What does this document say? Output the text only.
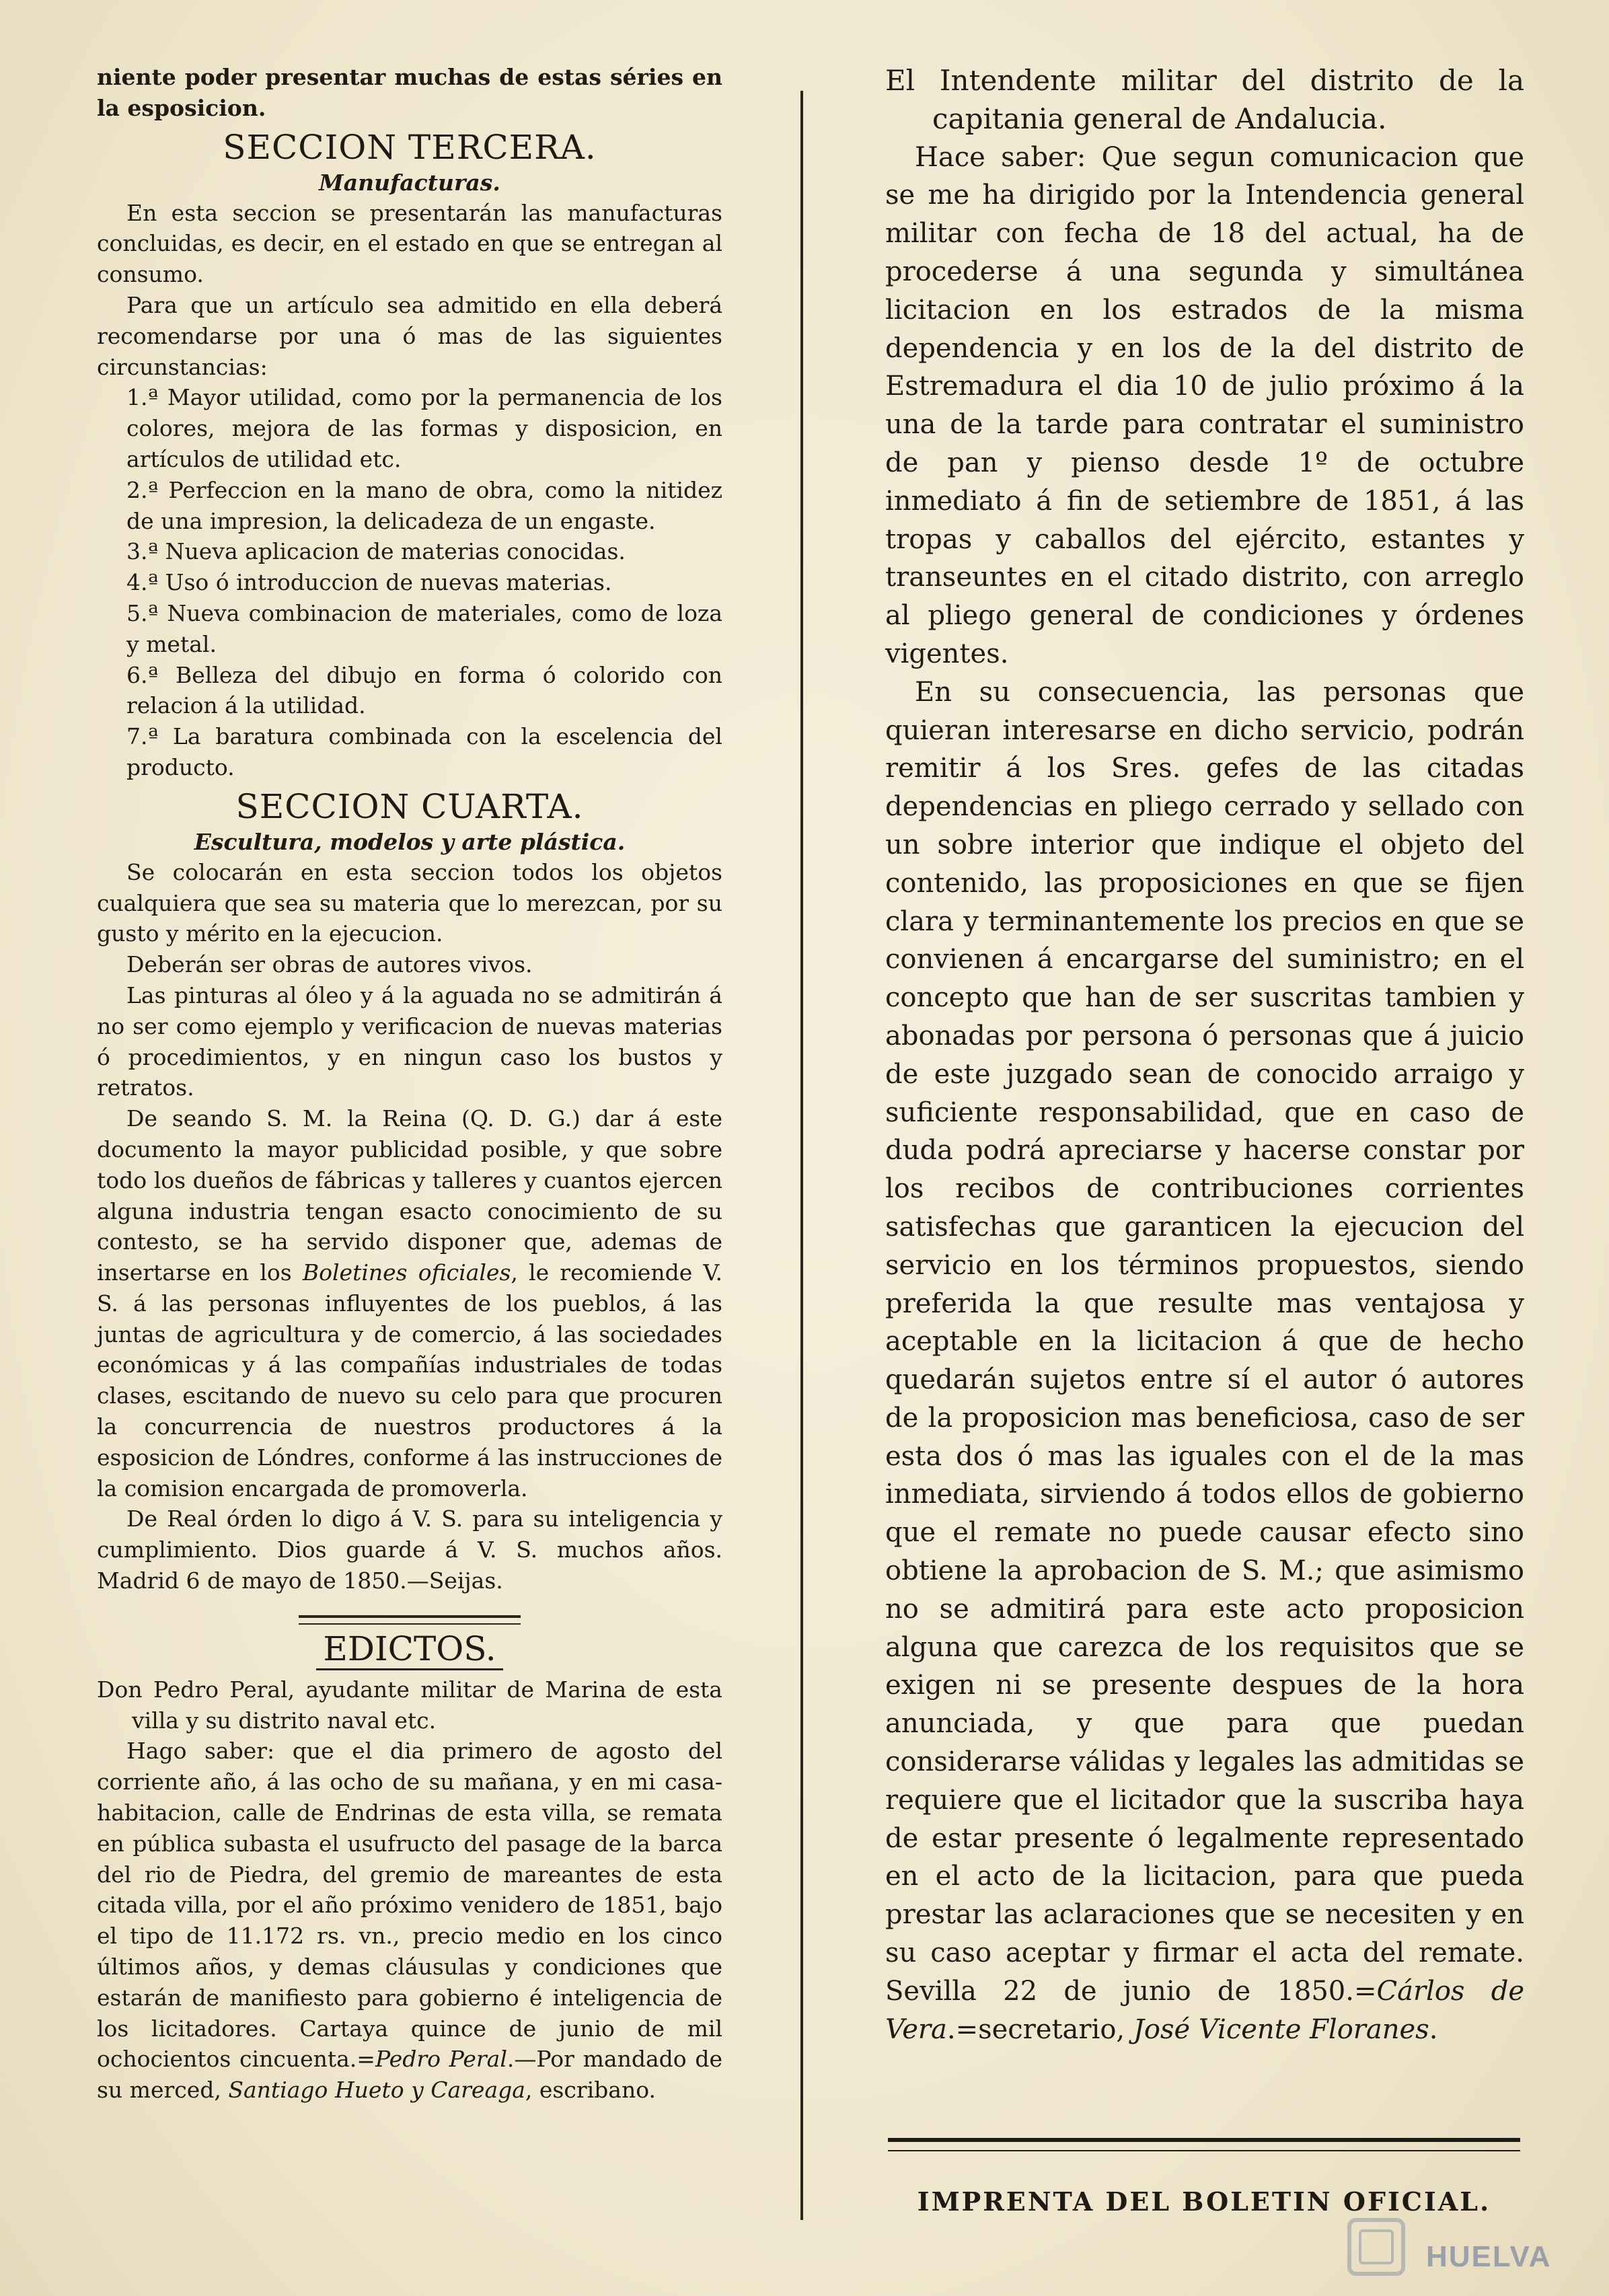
niente poder presentar muchas de estas séries en la esposicion.

SECCION TERCERA.
Manufacturas.

En esta seccion se presentarán las manufacturas concluidas, es decir, en el estado en que se entregan al consumo.

Para que un artículo sea admitido en ella deberá recomendarse por una ó mas de las siguientes circunstancias:

1.ª Mayor utilidad, como por la permanencia de los colores, mejora de las formas y disposicion, en artículos de utilidad etc.

2.ª Perfeccion en la mano de obra, como la nitidez de una impresion, la delicadeza de un engaste.

3.ª Nueva aplicacion de materias conocidas.

4.ª Uso ó introduccion de nuevas materias.

5.ª Nueva combinacion de materiales, como de loza y metal.

6.ª Belleza del dibujo en forma ó colorido con relacion á la utilidad.

7.ª La baratura combinada con la escelencia del producto.

SECCION CUARTA.
Escultura, modelos y arte plástica.

Se colocarán en esta seccion todos los objetos cualquiera que sea su materia que lo merezcan, por su gusto y mérito en la ejecucion.

Deberán ser obras de autores vivos.

Las pinturas al óleo y á la aguada no se admitirán á no ser como ejemplo y verificacion de nuevas materias ó procedimientos, y en ningun caso los bustos y retratos.

De seando S. M. la Reina (Q. D. G.) dar á este documento la mayor publicidad posible, y que sobre todo los dueños de fábricas y talleres y cuantos ejercen alguna industria tengan esacto conocimiento de su contesto, se ha servido disponer que, ademas de insertarse en los Boletines oficiales, le recomiende V. S. á las personas influyentes de los pueblos, á las juntas de agricultura y de comercio, á las sociedades económicas y á las compañías industriales de todas clases, escitando de nuevo su celo para que procuren la concurrencia de nuestros productores á la esposicion de Lóndres, conforme á las instrucciones de la comision encargada de promoverla.

De Real órden lo digo á V. S. para su inteligencia y cumplimiento. Dios guarde á V. S. muchos años. Madrid 6 de mayo de 1850.—Seijas.

EDICTOS.

Don Pedro Peral, ayudante militar de Marina de esta villa y su distrito naval etc.

Hago saber: que el dia primero de agosto del corriente año, á las ocho de su mañana, y en mi casa-habitacion, calle de Endrinas de esta villa, se remata en pública subasta el usufructo del pasage de la barca del rio de Piedra, del gremio de mareantes de esta citada villa, por el año próximo venidero de 1851, bajo el tipo de 11.172 rs. vn., precio medio en los cinco últimos años, y demas cláusulas y condiciones que estarán de manifiesto para gobierno é inteligencia de los licitadores. Cartaya quince de junio de mil ochocientos cincuenta.=Pedro Peral.—Por mandado de su merced, Santiago Hueto y Careaga, escribano.

El Intendente militar del distrito de la capitania general de Andalucia.

Hace saber: Que segun comunicacion que se me ha dirigido por la Intendencia general militar con fecha de 18 del actual, ha de procederse á una segunda y simultánea licitacion en los estrados de la misma dependencia y en los de la del distrito de Estremadura el dia 10 de julio próximo á la una de la tarde para contratar el suministro de pan y pienso desde 1º de octubre inmediato á fin de setiembre de 1851, á las tropas y caballos del ejército, estantes y transeuntes en el citado distrito, con arreglo al pliego general de condiciones y órdenes vigentes.

En su consecuencia, las personas que quieran interesarse en dicho servicio, podrán remitir á los Sres. gefes de las citadas dependencias en pliego cerrado y sellado con un sobre interior que indique el objeto del contenido, las proposiciones en que se fijen clara y terminantemente los precios en que se convienen á encargarse del suministro; en el concepto que han de ser suscritas tambien y abonadas por persona ó personas que á juicio de este juzgado sean de conocido arraigo y suficiente responsabilidad, que en caso de duda podrá apreciarse y hacerse constar por los recibos de contribuciones corrientes satisfechas que garanticen la ejecucion del servicio en los términos propuestos, siendo preferida la que resulte mas ventajosa y aceptable en la licitacion á que de hecho quedarán sujetos entre sí el autor ó autores de la proposicion mas beneficiosa, caso de ser esta dos ó mas las iguales con el de la mas inmediata, sirviendo á todos ellos de gobierno que el remate no puede causar efecto sino obtiene la aprobacion de S. M.; que asimismo no se admitirá para este acto proposicion alguna que carezca de los requisitos que se exigen ni se presente despues de la hora anunciada, y que para que puedan considerarse válidas y legales las admitidas se requiere que el licitador que la suscriba haya de estar presente ó legalmente representado en el acto de la licitacion, para que pueda prestar las aclaraciones que se necesiten y en su caso aceptar y firmar el acta del remate. Sevilla 22 de junio de 1850.=Cárlos de Vera.=secretario, José Vicente Floranes.

IMPRENTA DEL BOLETIN OFICIAL.
HUELVA
